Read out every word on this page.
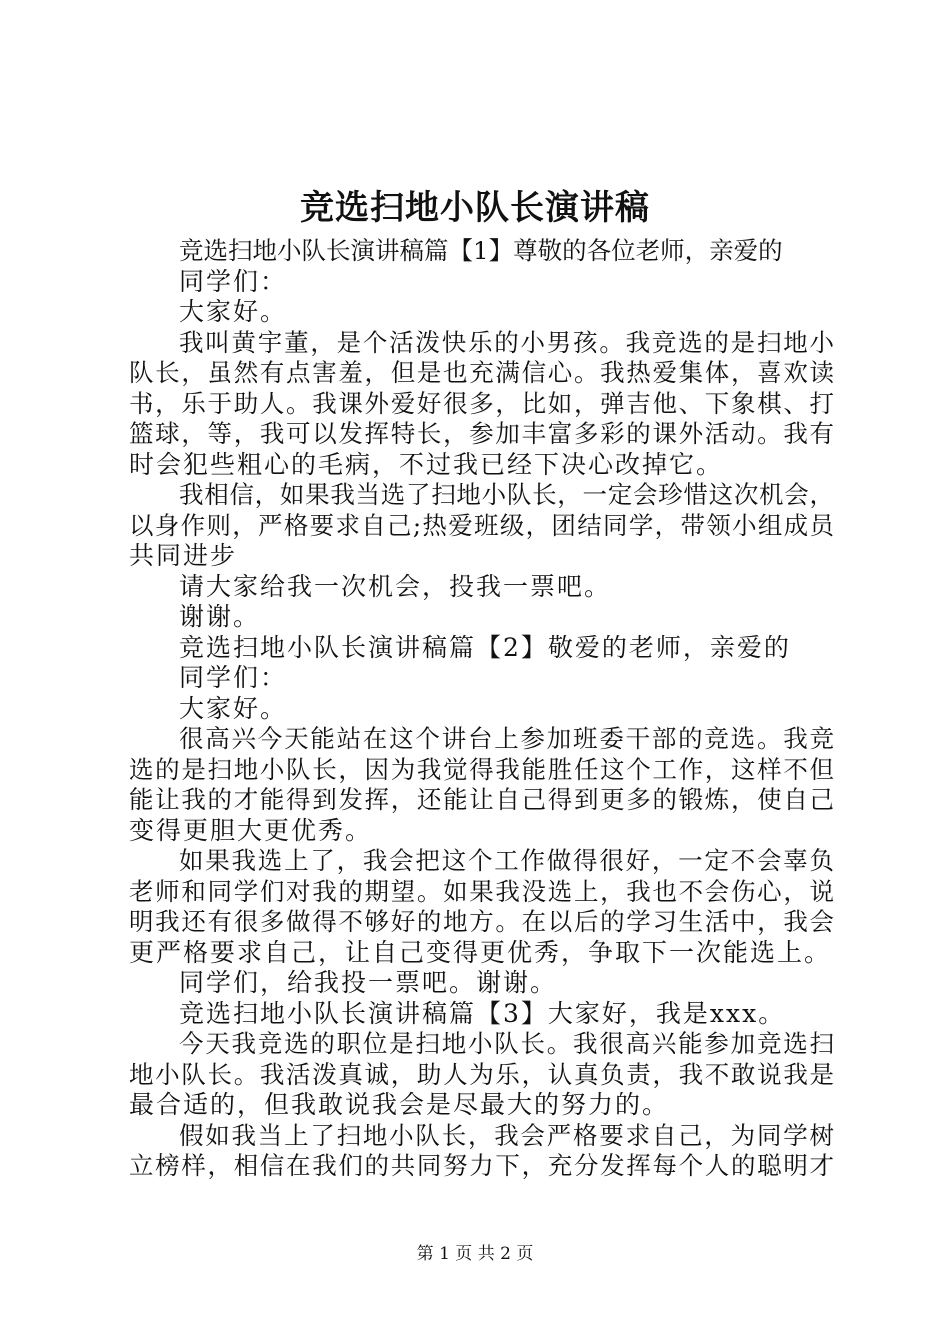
竞选扫地小队长演讲稿
竞选扫地小队长演讲稿篇【1】尊敬的各位老师，亲爱的
同学们：
大家好。
我叫黄宇董，是个活泼快乐的小男孩。我竞选的是扫地小
队长，虽然有点害羞，但是也充满信心。我热爱集体，喜欢读
书，乐于助人。我课外爱好很多，比如，弹吉他、下象棋、打
篮球，等，我可以发挥特长，参加丰富多彩的课外活动。我有
时会犯些粗心的毛病，不过我已经下决心改掉它。
我相信，如果我当选了扫地小队长，一定会珍惜这次机会，
以身作则，严格要求自己;热爱班级，团结同学，带领小组成员
共同进步
请大家给我一次机会，投我一票吧。
谢谢。
竞选扫地小队长演讲稿篇【2】敬爱的老师，亲爱的
同学们：
大家好。
很高兴今天能站在这个讲台上参加班委干部的竞选。我竞
选的是扫地小队长，因为我觉得我能胜任这个工作，这样不但
能让我的才能得到发挥，还能让自己得到更多的锻炼，使自己
变得更胆大更优秀。
如果我选上了，我会把这个工作做得很好，一定不会辜负
老师和同学们对我的期望。如果我没选上，我也不会伤心，说
明我还有很多做得不够好的地方。在以后的学习生活中，我会
更严格要求自己，让自己变得更优秀，争取下一次能选上。
同学们，给我投一票吧。谢谢。
竞选扫地小队长演讲稿篇【3】大家好，我是xxx。
今天我竞选的职位是扫地小队长。我很高兴能参加竞选扫
地小队长。我活泼真诚，助人为乐，认真负责，我不敢说我是
最合适的，但我敢说我会是尽最大的努力的。
假如我当上了扫地小队长，我会严格要求自己，为同学树
立榜样，相信在我们的共同努力下，充分发挥每个人的聪明才
第 1 页 共 2 页
